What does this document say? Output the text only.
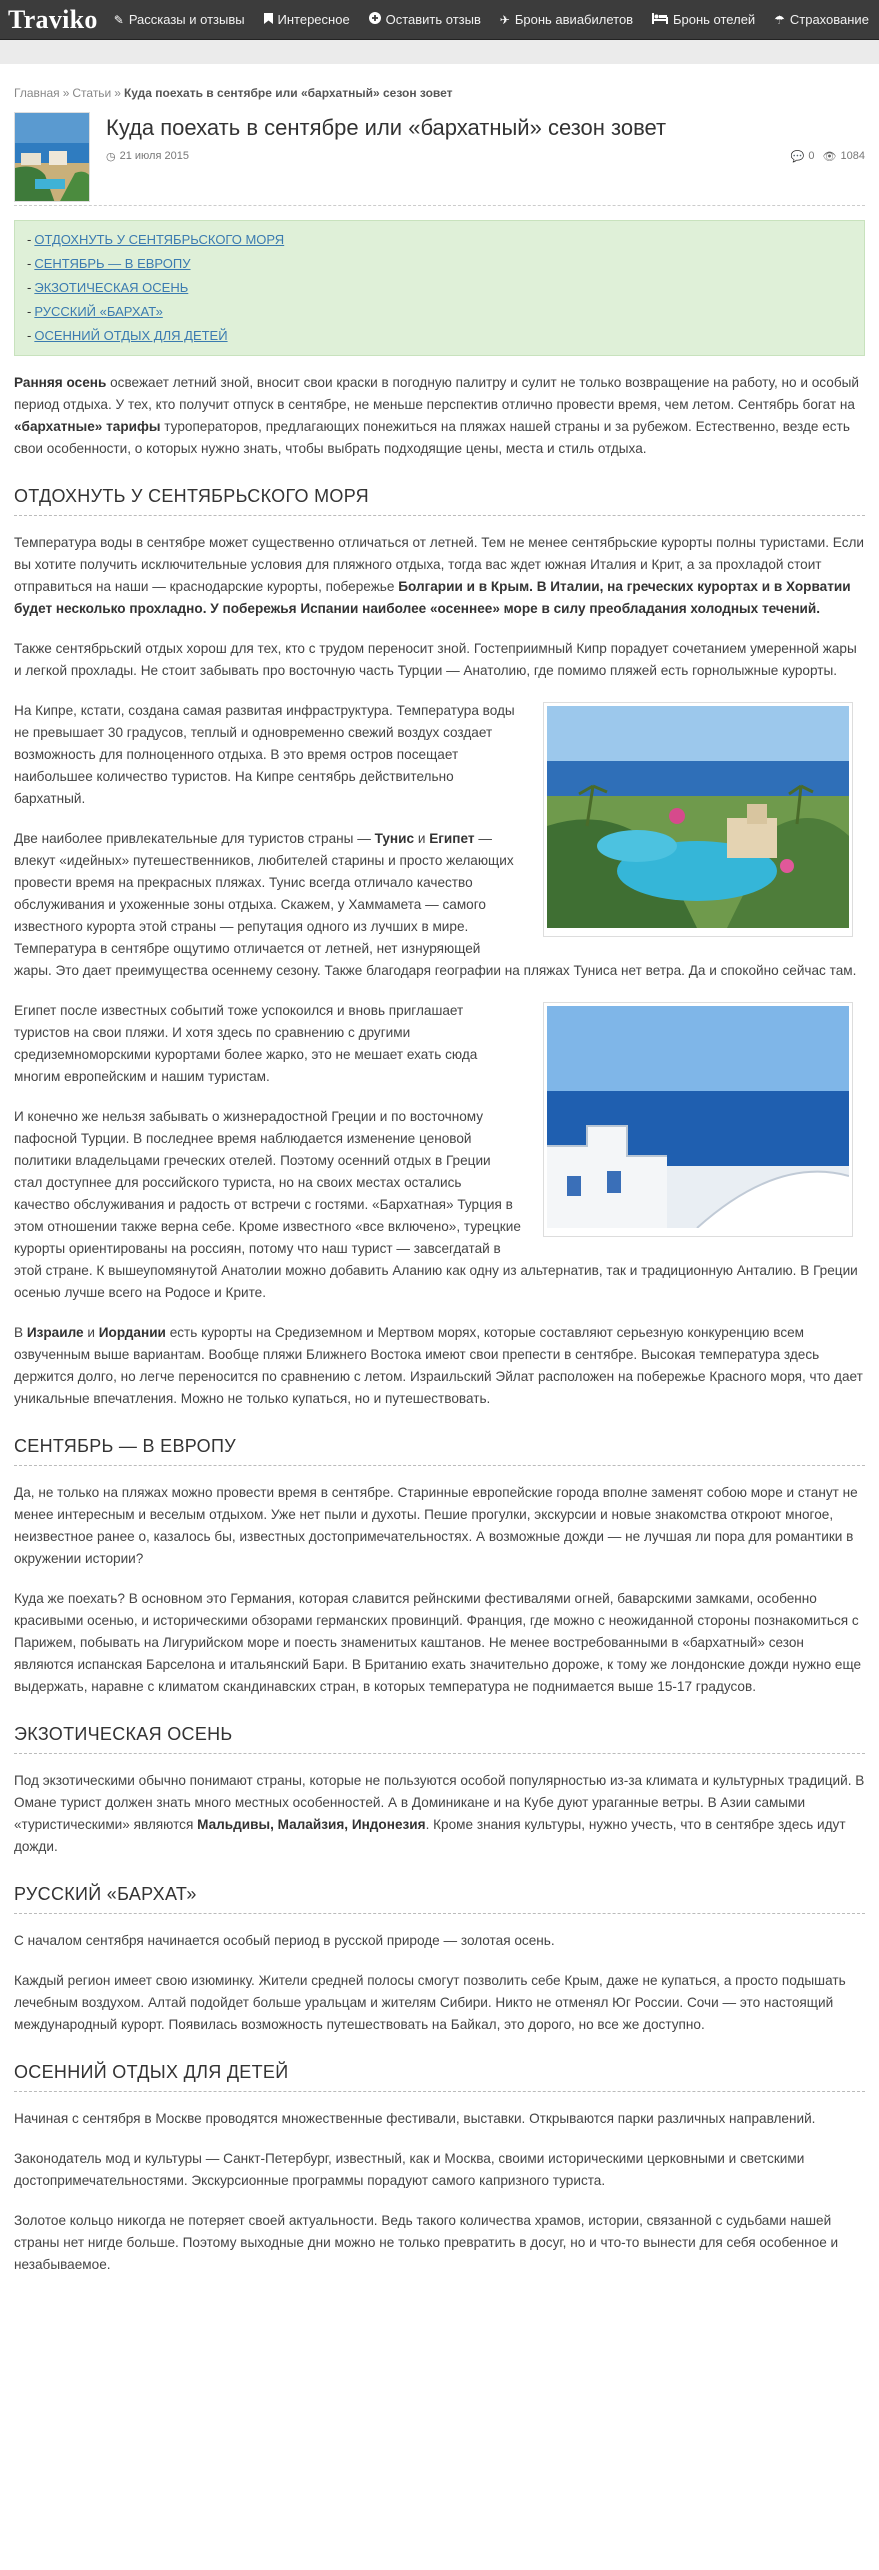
Traviko ✎ Рассказы и отзывы	Интересное	Оставить отзыв ✈ Бронь авиабилетов	Бронь отелей ☂ Страхование
Главная » Статьи » Куда поехать в сентябре или «бархатный» сезон зовет
Куда поехать в сентябре или «бархатный» сезон зовет
◷ 21 июля 2015	💬 0 👁 1084
- ОТДОХНУТЬ У СЕНТЯБРЬСКОГО МОРЯ
- СЕНТЯБРЬ — В ЕВРОПУ
- ЭКЗОТИЧЕСКАЯ ОСЕНЬ
- РУССКИЙ «БАРХАТ»
- ОСЕННИЙ ОТДЫХ ДЛЯ ДЕТЕЙ

Ранняя осень освежает летний зной, вносит свои краски в погодную палитру и сулит не только возвращение на работу, но и особый период отдыха. У тех, кто получит отпуск в сентябре, не меньше перспектив отлично провести время, чем летом. Сентябрь богат на «бархатные» тарифы туроператоров, предлагающих понежиться на пляжах нашей страны и за рубежом. Естественно, везде есть свои особенности, о которых нужно знать, чтобы выбрать подходящие цены, места и стиль отдыха.

ОТДОХНУТЬ У СЕНТЯБРЬСКОГО МОРЯ

Температура воды в сентябре может существенно отличаться от летней. Тем не менее сентябрьские курорты полны туристами. Если вы хотите получить исключительные условия для пляжного отдыха, тогда вас ждет южная Италия и Крит, а за прохладой стоит отправиться на наши — краснодарские курорты, побережье Болгарии и в Крым. В Италии, на греческих курортах и в Хорватии будет несколько прохладно. У побережья Испании наиболее «осеннее» море в силу преобладания холодных течений.

Также сентябрьский отдых хорош для тех, кто с трудом переносит зной. Гостеприимный Кипр порадует сочетанием умеренной жары и легкой прохлады. Не стоит забывать про восточную часть Турции — Анатолию, где помимо пляжей есть горнолыжные курорты.

На Кипре, кстати, создана самая развитая инфраструктура. Температура воды не превышает 30 градусов, теплый и одновременно свежий воздух создает возможность для полноценного отдыха. В это время остров посещает наибольшее количество туристов. На Кипре сентябрь действительно бархатный.

Две наиболее привлекательные для туристов страны — Тунис и Египет — влекут «идейных» путешественников, любителей старины и просто желающих провести время на прекрасных пляжах. Тунис всегда отличало качество обслуживания и ухоженные зоны отдыха. Скажем, у Хаммамета — самого известного курорта этой страны — репутация одного из лучших в мире. Температура в сентябре ощутимо отличается от летней, нет изнуряющей жары. Это дает преимущества осеннему сезону. Также благодаря географии на пляжах Туниса нет ветра. Да и спокойно сейчас там.

Египет после известных событий тоже успокоился и вновь приглашает туристов на свои пляжи. И хотя здесь по сравнению с другими средиземноморскими курортами более жарко, это не мешает ехать сюда многим европейским и нашим туристам.

И конечно же нельзя забывать о жизнерадостной Греции и по восточному пафосной Турции. В последнее время наблюдается изменение ценовой политики владельцами греческих отелей. Поэтому осенний отдых в Греции стал доступнее для российского туриста, но на своих местах остались качество обслуживания и радость от встречи с гостями. «Бархатная» Турция в этом отношении также верна себе. Кроме известного «все включено», турецкие курорты ориентированы на россиян, потому что наш турист — завсегдатай в этой стране. К вышеупомянутой Анатолии можно добавить Аланию как одну из альтернатив, так и традиционную Анталию. В Греции осенью лучше всего на Родосе и Крите.

В Израиле и Иордании есть курорты на Средиземном и Мертвом морях, которые составляют серьезную конкуренцию всем озвученным выше вариантам. Вообще пляжи Ближнего Востока имеют свои препести в сентябре. Высокая температура здесь держится долго, но легче переносится по сравнению с летом. Израильский Эйлат расположен на побережье Красного моря, что дает уникальные впечатления. Можно не только купаться, но и путешествовать.

СЕНТЯБРЬ — В ЕВРОПУ

Да, не только на пляжах можно провести время в сентябре. Старинные европейские города вполне заменят собою море и станут не менее интересным и веселым отдыхом. Уже нет пыли и духоты. Пешие прогулки, экскурсии и новые знакомства откроют многое, неизвестное ранее о, казалось бы, известных достопримечательностях. А возможные дожди — не лучшая ли пора для романтики в окружении истории?

Куда же поехать? В основном это Германия, которая славится рейнскими фестивалями огней, баварскими замками, особенно красивыми осенью, и историческими обзорами германских провинций. Франция, где можно с неожиданной стороны познакомиться с Парижем, побывать на Лигурийском море и поесть знаменитых каштанов. Не менее востребованными в «бархатный» сезон являются испанская Барселона и итальянский Бари. В Британию ехать значительно дороже, к тому же лондонские дожди нужно еще выдержать, наравне с климатом скандинавских стран, в которых температура не поднимается выше 15-17 градусов.

ЭКЗОТИЧЕСКАЯ ОСЕНЬ

Под экзотическими обычно понимают страны, которые не пользуются особой популярностью из-за климата и культурных традиций. В Омане турист должен знать много местных особенностей. А в Доминикане и на Кубе дуют ураганные ветры. В Азии самыми «туристическими» являются Мальдивы, Малайзия, Индонезия. Кроме знания культуры, нужно учесть, что в сентябре здесь идут дожди.

РУССКИЙ «БАРХАТ»

С началом сентября начинается особый период в русской природе — золотая осень.

Каждый регион имеет свою изюминку. Жители средней полосы смогут позволить себе Крым, даже не купаться, а просто подышать лечебным воздухом. Алтай подойдет больше уральцам и жителям Сибири. Никто не отменял Юг России. Сочи — это настоящий международный курорт. Появилась возможность путешествовать на Байкал, это дорого, но все же доступно.

ОСЕННИЙ ОТДЫХ ДЛЯ ДЕТЕЙ

Начиная с сентября в Москве проводятся множественные фестивали, выставки. Открываются парки различных направлений.

Законодатель мод и культуры — Санкт-Петербург, известный, как и Москва, своими историческими церковными и светскими достопримечательностями. Экскурсионные программы порадуют самого капризного туриста.

Золотое кольцо никогда не потеряет своей актуальности. Ведь такого количества храмов, истории, связанной с судьбами нашей страны нет нигде больше. Поэтому выходные дни можно не только превратить в досуг, но и что-то вынести для себя особенное и незабываемое.
